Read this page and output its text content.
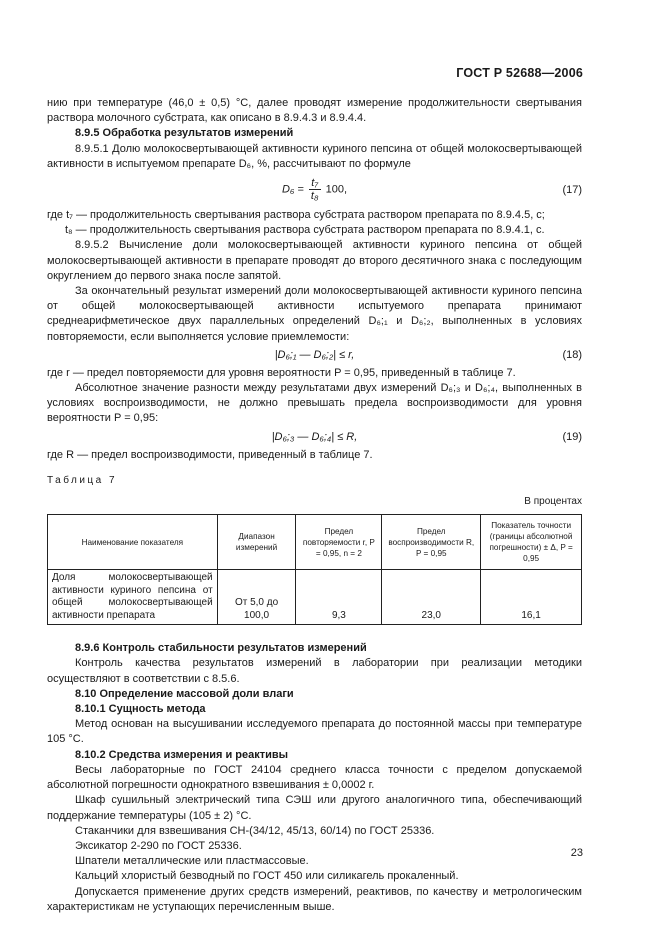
ГОСТ Р 52688—2006

нию при температуре (46,0 ± 0,5) °С, далее проводят измерение продолжительности свертывания раствора молочного субстрата, как описано в 8.9.4.3 и 8.9.4.4.

8.9.5 Обработка результатов измерений

8.9.5.1 Долю молокосвертывающей активности куриного пепсина от общей молокосвертывающей активности в испытуемом препарате D₆, %, рассчитывают по формуле

$D_6 = \frac{\text{t₇}}{\text{t₈}} 100$,	(17)

где t₇ — продолжительность свертывания раствора субстрата раствором препарата по 8.9.4.5, с;

t₈ — продолжительность свертывания раствора субстрата раствором препарата по 8.9.4.1, с.

8.9.5.2 Вычисление доли молокосвертывающей активности куриного пепсина от общей молокосвертывающей активности в препарате проводят до второго десятичного знака с последующим округлением до первого знака после запятой.

За окончательный результат измерений доли молокосвертывающей активности куриного пепсина от общей молокосвертывающей активности испытуемого препарата принимают среднеарифметическое двух параллельных определений D₆;₁ и D₆;₂, выполненных в условиях повторяемости, если выполняется условие приемлемости:

|D₆;₁ — D₆;₂| ≤ r,	(18)

где r — предел повторяемости для уровня вероятности P = 0,95, приведенный в таблице 7.

Абсолютное значение разности между результатами двух измерений D₆;₃ и D₆;₄, выполненных в условиях воспроизводимости, не должно превышать предела воспроизводимости для уровня вероятности P = 0,95:

|D₆;₃ — D₆;₄| ≤ R,	(19)

где R — предел воспроизводимости, приведенный в таблице 7.

Таблица 7
В процентах
Наименование показателя	Диапазон измерений	Предел повторяемости r, P = 0,95, n = 2	Предел воспроизводимости R, P = 0,95	Показатель точности (границы абсолютной погрешности) ± Δ, P = 0,95
Доля молокосвертывающей активности куриного пепсина от общей молокосвертывающей активности препарата	От 5,0 до 100,0	9,3	23,0	16,1

8.9.6 Контроль стабильности результатов измерений

Контроль качества результатов измерений в лаборатории при реализации методики осуществляют в соответствии с 8.5.6.

8.10 Определение массовой доли влаги

8.10.1 Сущность метода

Метод основан на высушивании исследуемого препарата до постоянной массы при температуре 105 °С.

8.10.2 Средства измерения и реактивы

Весы лабораторные по ГОСТ 24104 среднего класса точности с пределом допускаемой абсолютной погрешности однократного взвешивания ± 0,0002 г.

Шкаф сушильный электрический типа СЭШ или другого аналогичного типа, обеспечивающий поддержание температуры (105 ± 2) °С.

Стаканчики для взвешивания СН-(34/12, 45/13, 60/14) по ГОСТ 25336.

Эксикатор 2-290 по ГОСТ 25336.

Шпатели металлические или пластмассовые.

Кальций хлористый безводный по ГОСТ 450 или силикагель прокаленный.

Допускается применение других средств измерений, реактивов, по качеству и метрологическим характеристикам не уступающих перечисленным выше.

23
